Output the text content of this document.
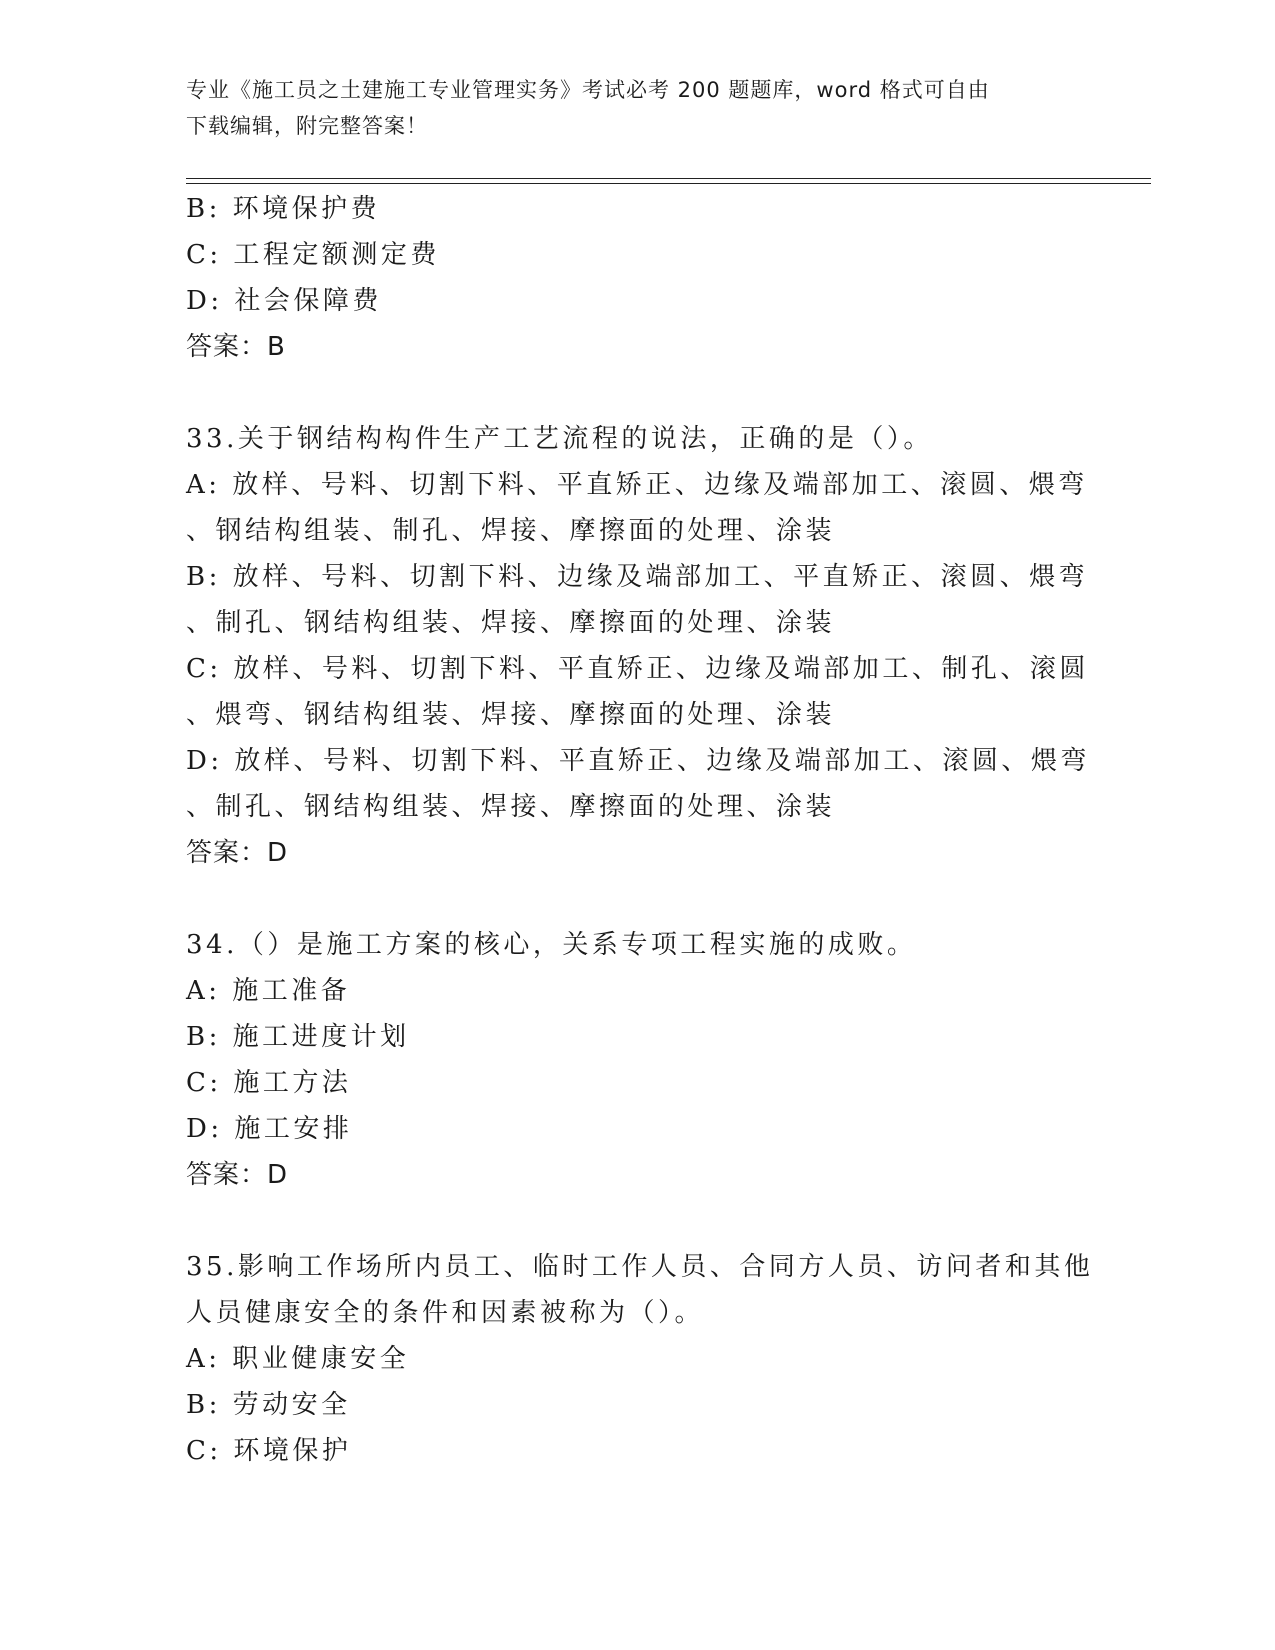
专业《施工员之土建施工专业管理实务》考试必考 200 题题库，word 格式可自由
下载编辑，附完整答案！
B: 环境保护费
C: 工程定额测定费
D: 社会保障费
答案：B
33.关于钢结构构件生产工艺流程的说法，正确的是（）。
A: 放样、号料、切割下料、平直矫正、边缘及端部加工、滚圆、煨弯
、钢结构组装、制孔、焊接、摩擦面的处理、涂装
B: 放样、号料、切割下料、边缘及端部加工、平直矫正、滚圆、煨弯
、制孔、钢结构组装、焊接、摩擦面的处理、涂装
C: 放样、号料、切割下料、平直矫正、边缘及端部加工、制孔、滚圆
、煨弯、钢结构组装、焊接、摩擦面的处理、涂装
D: 放样、号料、切割下料、平直矫正、边缘及端部加工、滚圆、煨弯
、制孔、钢结构组装、焊接、摩擦面的处理、涂装
答案：D
34.（）是施工方案的核心，关系专项工程实施的成败。
A: 施工准备
B: 施工进度计划
C: 施工方法
D: 施工安排
答案：D
35.影响工作场所内员工、临时工作人员、合同方人员、访问者和其他
人员健康安全的条件和因素被称为（）。
A: 职业健康安全
B: 劳动安全
C: 环境保护
